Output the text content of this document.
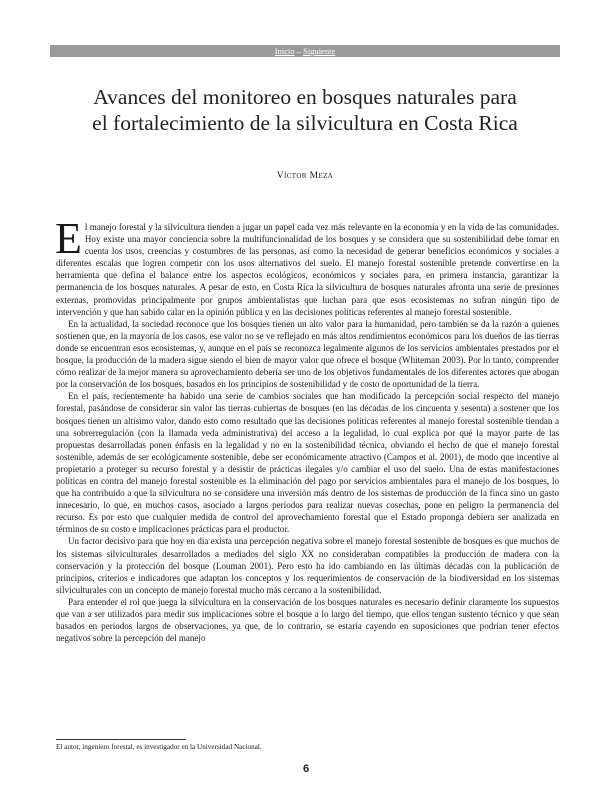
Inicio – Siguiente
Avances del monitoreo en bosques naturales para
el fortalecimiento de la silvicultura en Costa Rica
Víctor Meza

El manejo forestal y la silvicultura tienden a jugar un papel cada vez más relevante en la economía y en la vida de las comunidades. Hoy existe una mayor conciencia sobre la multifuncionalidad de los bosques y se considera que su sostenibilidad debe tomar en cuenta los usos, creencias y costumbres de las personas, así como la necesidad de generar beneficios económicos y sociales a diferentes escalas que logren competir con los usos alternativos del suelo. El manejo forestal sostenible pretende convertirse en la herramienta que defina el balance entre los aspectos ecológicos, económicos y sociales para, en primera instancia, garantizar la permanencia de los bosques naturales. A pesar de esto, en Costa Rica la silvicultura de bosques naturales afronta una serie de presiones externas, promovidas principalmente por grupos ambientalistas que luchan para que esos ecosistemas no sufran ningún tipo de intervención y que han sabido calar en la opinión pública y en las decisiones políticas referentes al manejo forestal sostenible.

En la actualidad, la sociedad reconoce que los bosques tienen un alto valor para la humanidad, pero también se da la razón a quienes sostienen que, en la mayoría de los casos, ese valor no se ve reflejado en más altos rendimientos económicos para los dueños de las tierras donde se encuentran esos ecosistemas, y, aunque en el país se reconozca legalmente algunos de los servicios ambientales prestados por el bosque, la producción de la madera sigue siendo el bien de mayor valor que ofrece el bosque (Whiteman 2003). Por lo tanto, comprender cómo realizar de la mejor manera su aprovechamiento debería ser uno de los objetivos fundamentales de los diferentes actores que abogan por la conservación de los bosques, basados en los principios de sostenibilidad y de costo de oportunidad de la tierra.

En el país, recientemente ha habido una serie de cambios sociales que han modificado la percepción social respecto del manejo forestal, pasándose de considerar sin valor las tierras cubiertas de bosques (en las décadas de los cincuenta y sesenta) a sostener que los bosques tienen un altísimo valor, dando esto como resultado que las decisiones políticas referentes al manejo forestal sostenible tiendan a una sobrerregulación (con la llamada veda administrativa) del acceso a la legalidad, lo cual explica por qué la mayor parte de las propuestas desarrolladas ponen énfasis en la legalidad y no en la sostenibilidad técnica, obviando el hecho de que el manejo forestal sostenible, además de ser ecológicamente sostenible, debe ser económicamente atractivo (Campos et al. 2001), de modo que incentive al propietario a proteger su recurso forestal y a desistir de prácticas ilegales y/o cambiar el uso del suelo. Una de estas manifestaciones políticas en contra del manejo forestal sostenible es la eliminación del pago por servicios ambientales para el manejo de los bosques, lo que ha contribuido a que la silvicultura no se considere una inversión más dentro de los sistemas de producción de la finca sino un gasto innecesario, lo que, en muchos casos, asociado a largos períodos para realizar nuevas cosechas, pone en peligro la permanencia del recurso. Es por esto que cualquier medida de control del aprovechamiento forestal que el Estado proponga debiera ser analizada en términos de su costo e implicaciones prácticas para el productor.

Un factor decisivo para que hoy en día exista una percepción negativa sobre el manejo forestal sostenible de bosques es que muchos de los sistemas silviculturales desarrollados a mediados del siglo XX no consideraban compatibles la producción de madera con la conservación y la protección del bosque (Louman 2001). Pero esto ha ido cambiando en las últimas décadas con la publicación de principios, criterios e indicadores que adaptan los conceptos y los requerimientos de conservación de la biodiversidad en los sistemas silviculturales con un concepto de manejo forestal mucho más cercano a la sostenibilidad.

Para entender el rol que juega la silvicultura en la conservación de los bosques naturales es necesario definir claramente los supuestos que van a ser utilizados para medir sus implicaciones sobre el bosque a lo largo del tiempo, que ellos tengan sustento técnico y que sean basados en períodos largos de observaciones, ya que, de lo contrario, se estaría cayendo en suposiciones que podrían tener efectos negativos sobre la percepción del manejo

El autor, ingeniero forestal, es investigador en la Universidad Nacional.
6
